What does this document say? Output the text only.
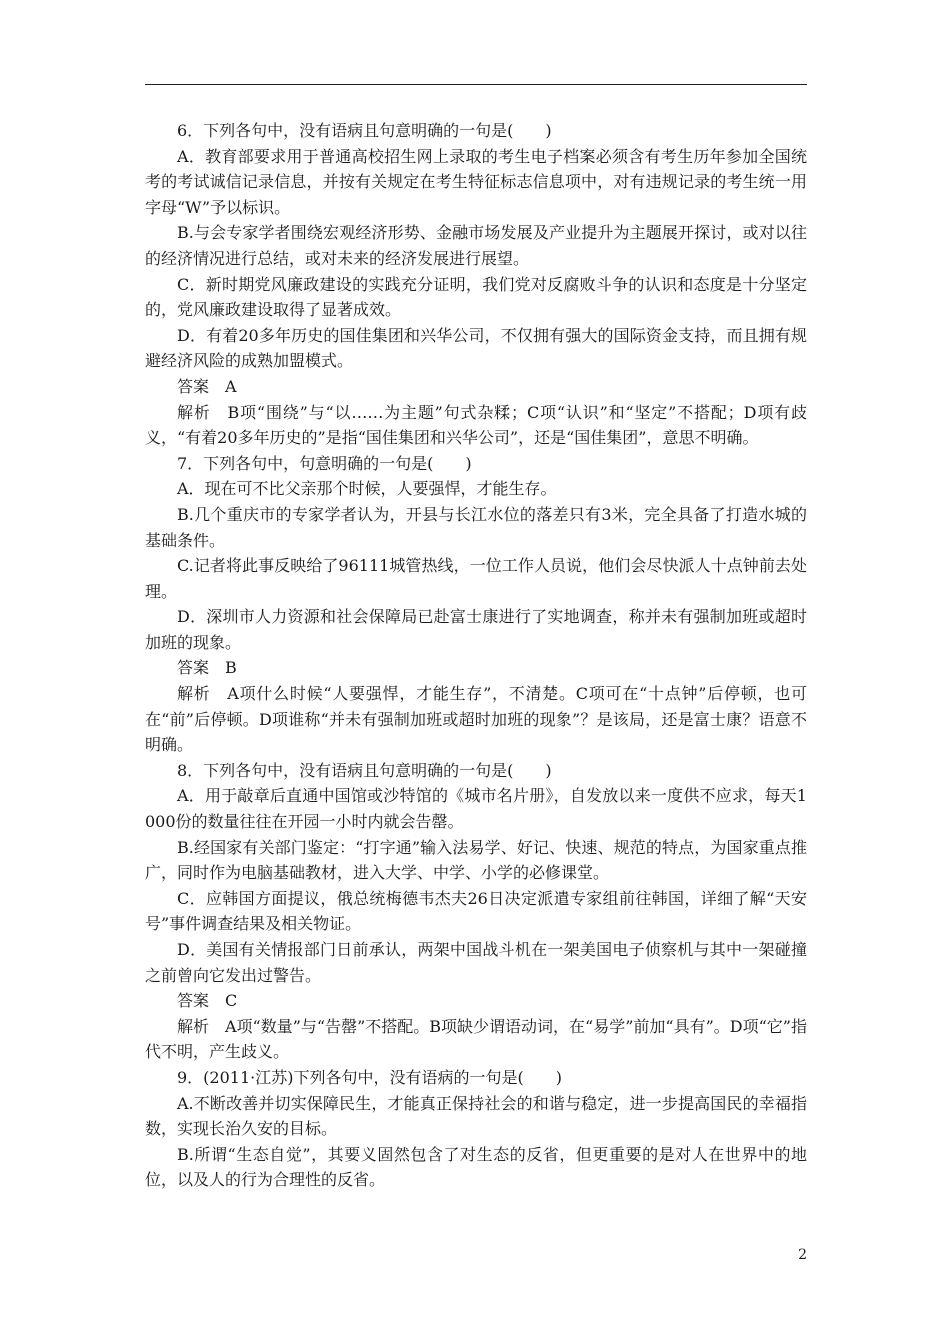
6．下列各句中，没有语病且句意明确的一句是(　　)

A．教育部要求用于普通高校招生网上录取的考生电子档案必须含有考生历年参加全国统考的考试诚信记录信息，并按有关规定在考生特征标志信息项中，对有违规记录的考生统一用字母“W”予以标识。

B.与会专家学者围绕宏观经济形势、金融市场发展及产业提升为主题展开探讨，或对以往的经济情况进行总结，或对未来的经济发展进行展望。

C．新时期党风廉政建设的实践充分证明，我们党对反腐败斗争的认识和态度是十分坚定的，党风廉政建设取得了显著成效。

D．有着20多年历史的国佳集团和兴华公司，不仅拥有强大的国际资金支持，而且拥有规避经济风险的成熟加盟模式。

答案　A

解析　B项“围绕”与“以……为主题”句式杂糅；C项“认识”和“坚定”不搭配；D项有歧义，“有着20多年历史的”是指“国佳集团和兴华公司”，还是“国佳集团”，意思不明确。

7．下列各句中，句意明确的一句是(　　)

A．现在可不比父亲那个时候，人要强悍，才能生存。

B.几个重庆市的专家学者认为，开县与长江水位的落差只有3米，完全具备了打造水城的基础条件。

C.记者将此事反映给了96111城管热线，一位工作人员说，他们会尽快派人十点钟前去处理。

D．深圳市人力资源和社会保障局已赴富士康进行了实地调查，称并未有强制加班或超时加班的现象。

答案　B

解析　A项什么时候“人要强悍，才能生存”，不清楚。C项可在“十点钟”后停顿，也可在“前”后停顿。D项谁称“并未有强制加班或超时加班的现象”？是该局，还是富士康？语意不明确。

8．下列各句中，没有语病且句意明确的一句是(　　)

A．用于敲章后直通中国馆或沙特馆的《城市名片册》，自发放以来一度供不应求，每天1 000份的数量往往在开园一小时内就会告罄。

B.经国家有关部门鉴定：“打字通”输入法易学、好记、快速、规范的特点，为国家重点推广，同时作为电脑基础教材，进入大学、中学、小学的必修课堂。

C．应韩国方面提议，俄总统梅德韦杰夫26日决定派遣专家组前往韩国，详细了解“天安号”事件调查结果及相关物证。

D．美国有关情报部门日前承认，两架中国战斗机在一架美国电子侦察机与其中一架碰撞之前曾向它发出过警告。

答案　C

解析　A项“数量”与“告罄”不搭配。B项缺少谓语动词，在“易学”前加“具有”。D项“它”指代不明，产生歧义。

9．(2011·江苏)下列各句中，没有语病的一句是(　　)

A.不断改善并切实保障民生，才能真正保持社会的和谐与稳定，进一步提高国民的幸福指数，实现长治久安的目标。

B.所谓“生态自觉”，其要义固然包含了对生态的反省，但更重要的是对人在世界中的地位，以及人的行为合理性的反省。

2
